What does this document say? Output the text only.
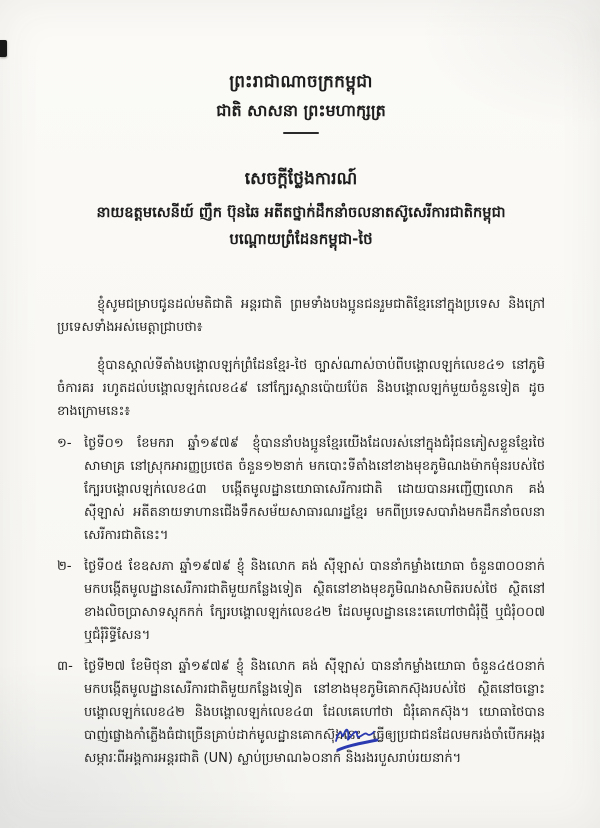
ព្រះរាជាណាចក្រកម្ពុជា
ជាតិ សាសនា ព្រះមហាក្សត្រ
សេចក្តីថ្លែងការណ៍
នាយឧត្តមសេនីយ៍ ញឹក ប៊ុនឆៃ អតីតថ្នាក់ដឹកនាំចលនាតស៊ូសេរីការជាតិកម្ពុជា
បណ្ដោយព្រំដែនកម្ពុជា-ថៃ
ខ្ញុំសូមជម្រាបជូនដល់មតិជាតិ អន្តរជាតិ ព្រមទាំងបងប្អូនជនរួមជាតិខ្មែរនៅក្នុងប្រទេស និងក្រៅប្រទេសទាំងអស់មេត្តាជ្រាបថា៖
ខ្ញុំបានស្គាល់ទីតាំងបង្គោលឡក់ព្រំដែនខ្មែរ-ថៃ ច្បាស់ណាស់ចាប់ពីបង្គោលឡក់លេខ៤១ នៅភូមិចំការគរ រហូតដល់បង្គោលឡក់លេខ៤៩ នៅក្បែរស្ពានប៉ោយប៉ែត និងបង្គោលឡក់មួយចំនួនទៀត ដូចខាងក្រោមនេះ៖
១- ថ្ងៃទី០១ ខែមករា ឆ្នាំ១៩៧៩ ខ្ញុំបាននាំបងប្អូនខ្មែរយើងដែលរស់នៅក្នុងជំរុំជនភៀសខ្លួនខ្មែរថៃសាមាគ្រ នៅស្រុកអារញ្ញប្រថេត ចំនួន១២នាក់ មកបោះទីតាំងនៅខាងមុខភូមិណងម៉ាកមុំនរបស់ថៃ ក្បែរបង្គោលឡក់លេខ៤៣ បង្កើតមូលដ្ឋានយោធាសេរីការជាតិ ដោយបានអញ្ជើញលោក គង់ ស៊ីឡាស់ អតីតនាយទាហានជើងទឹកសម័យសាធារណរដ្ឋខ្មែរ មកពីប្រទេសបារាំងមកដឹកនាំចលនាសេរីការជាតិនេះ។
២- ថ្ងៃទី០៥ ខែឧសភា ឆ្នាំ១៩៧៩ ខ្ញុំ និងលោក គង់ ស៊ីឡាស់ បាននាំកម្លាំងយោធា ចំនួន៣០០នាក់ មកបង្កើតមូលដ្ឋានសេរីការជាតិមួយកន្លែងទៀត ស្ថិតនៅខាងមុខភូមិណងសាមិតរបស់ថៃ ស្ថិតនៅខាងលិចប្រាសាទស្តុកកក់ ក្បែរបង្គោលឡក់លេខ៤២ ដែលមូលដ្ឋាននេះគេហៅថាជំរុំថ្មី ឬជំរុំ០០៧ ឬជំរុំរិទ្ធីសែន។
៣- ថ្ងៃទី២៧ ខែមិថុនា ឆ្នាំ១៩៧៩ ខ្ញុំ និងលោក គង់ ស៊ីឡាស់ បាននាំកម្លាំងយោធា ចំនួន៤៥០នាក់ មកបង្កើតមូលដ្ឋានសេរីការជាតិមួយកន្លែងទៀត នៅខាងមុខភូមិគោកស៊ុងរបស់ថៃ ស្ថិតនៅចន្លោះបង្គោលឡក់លេខ៤២ និងបង្គោលឡក់លេខ៤៣ ដែលគេហៅថា ជំរុំគោកស៊ុង។ យោធាថៃបានបាញ់ផ្លោងកាំភ្លើងធំជាច្រើនគ្រាប់ដាក់មូលដ្ឋានគោកស៊ុងនេះ ធ្វើឲ្យប្រជាជនដែលមករង់ចាំបើកអង្ករ សម្ភារៈពីអង្គការអន្តរជាតិ (UN) ស្លាប់ប្រមាណ៦០នាក់ និងរងរបួសរាប់រយនាក់។
